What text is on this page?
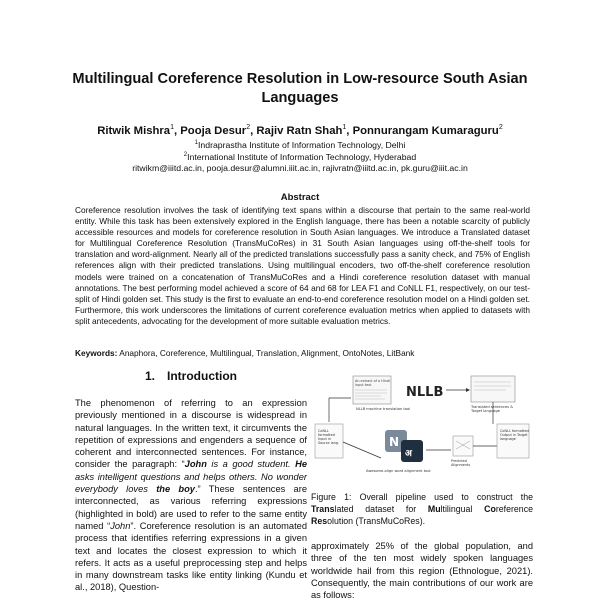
Multilingual Coreference Resolution in Low-resource South Asian
Languages
Ritwik Mishra$^1$, Pooja Desur$^2$, Rajiv Ratn Shah$^1$, Ponnurangam Kumaraguru$^2$
$^1$Indraprastha Institute of Information Technology, Delhi
$^2$International Institute of Information Technology, Hyderabad
ritwikm@iiitd.ac.in, pooja.desur@alumni.iiit.ac.in, rajivratn@iiitd.ac.in, pk.guru@iiit.ac.in
Abstract
Coreference resolution involves the task of identifying text spans within a discourse that pertain to the same real-world entity. While this task has been extensively explored in the English language, there has been a notable scarcity of publicly accessible resources and models for coreference resolution in South Asian languages. We introduce a Translated dataset for Multilingual Coreference Resolution (TransMuCoRes) in 31 South Asian languages using off-the-shelf tools for translation and word-alignment. Nearly all of the predicted translations successfully pass a sanity check, and 75% of English references align with their predicted translations. Using multilingual encoders, two off-the-shelf coreference resolution models were trained on a concatenation of TransMuCoRes and a Hindi coreference resolution dataset with manual annotations. The best performing model achieved a score of 64 and 68 for LEA F1 and CoNLL F1, respectively, on our test-split of Hindi golden set. This study is the first to evaluate an end-to-end coreference resolution model on a Hindi golden set. Furthermore, this work underscores the limitations of current coreference evaluation metrics when applied to datasets with split antecedents, advocating for the development of more suitable evaluation metrics.
Keywords: Anaphora, Coreference, Multilingual, Translation, Alignment, OntoNotes, LitBank
1. Introduction
The phenomenon of referring to an expression previously mentioned in a discourse is widespread in natural languages. In the written text, it circumvents the repetition of expressions and engenders a sequence of coherent and interconnected sentences. For instance, consider the paragraph: “John is a good student. He asks intelligent questions and helps others. No wonder everybody loves the boy.” These sentences are interconnected, as various referring expressions (highlighted in bold) are used to refer to the same entity named “John”. Coreference resolution is an automated process that identifies referring expressions in a given text and locates the closest expression to which it refers. It acts as a useful preprocessing step and helps in many downstream tasks like entity linking (Kundu et al., 2018), Question-
An extract of a Hindi
input text	NLLB
NLLB machine translation tool	Translated sentences &
Target language
CoNLL
formatted
Input in
Source lang.	N
अ
Awesome-align word alignment tool
Predicted
Alignments
CoNLL formatted
Output in Target
language
Figure 1: Overall pipeline used to construct the Translated dataset for Multilingual Coreference Resolution (TransMuCoRes).
approximately 25% of the global population, and three of the ten most widely spoken languages worldwide hail from this region (Ethnologue, 2021). Consequently, the main contributions of our work are as follows:
